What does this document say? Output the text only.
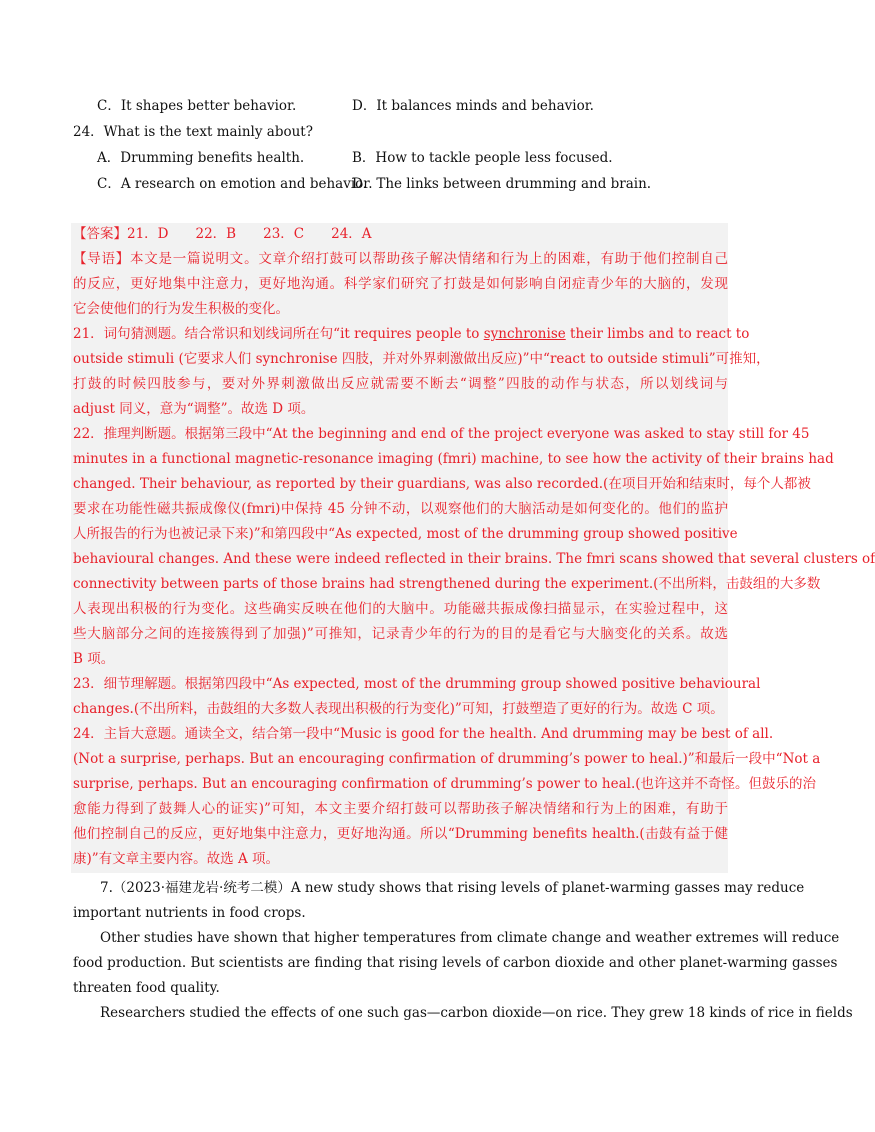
C．It shapes better behavior.	D．It balances minds and behavior.
24．What is the text mainly about?
A．Drumming benefits health.	B．How to tackle people less focused.
C．A research on emotion and behavior.
D．The links between drumming and brain.
【答案】21．D　　22．B　　23．C　　24．A
【导语】本文是一篇说明文。文章介绍打鼓可以帮助孩子解决情绪和行为上的困难，有助于他们控制自己
的反应，更好地集中注意力，更好地沟通。科学家们研究了打鼓是如何影响自闭症青少年的大脑的，发现
它会使他们的行为发生积极的变化。
21．词句猜测题。结合常识和划线词所在句“it requires people to synchronise their limbs and to react to
outside stimuli (它要求人们 synchronise 四肢，并对外界刺激做出反应)”中“react to outside stimuli”可推知，
打鼓的时候四肢参与，要对外界刺激做出反应就需要不断去“调整”四肢的动作与状态，所以划线词与
adjust 同义，意为“调整”。故选 D 项。
22．推理判断题。根据第三段中“At the beginning and end of the project everyone was asked to stay still for 45
minutes in a functional magnetic-resonance imaging (fmri) machine, to see how the activity of their brains had
changed. Their behaviour, as reported by their guardians, was also recorded.(在项目开始和结束时，每个人都被
要求在功能性磁共振成像仪(fmri)中保持 45 分钟不动，以观察他们的大脑活动是如何变化的。他们的监护
人所报告的行为也被记录下来)”和第四段中“As expected, most of the drumming group showed positive
behavioural changes. And these were indeed reflected in their brains. The fmri scans showed that several clusters of
connectivity between parts of those brains had strengthened during the experiment.(不出所料，击鼓组的大多数
人表现出积极的行为变化。这些确实反映在他们的大脑中。功能磁共振成像扫描显示，在实验过程中，这
些大脑部分之间的连接簇得到了加强)”可推知，记录青少年的行为的目的是看它与大脑变化的关系。故选
B 项。
23．细节理解题。根据第四段中“As expected, most of the drumming group showed positive behavioural
changes.(不出所料，击鼓组的大多数人表现出积极的行为变化)”可知，打鼓塑造了更好的行为。故选 C 项。
24．主旨大意题。通读全文，结合第一段中“Music is good for the health. And drumming may be best of all.
(Not a surprise, perhaps. But an encouraging confirmation of drumming’s power to heal.)”和最后一段中“Not a
surprise, perhaps. But an encouraging confirmation of drumming’s power to heal.(也许这并不奇怪。但鼓乐的治
愈能力得到了鼓舞人心的证实)”可知，本文主要介绍打鼓可以帮助孩子解决情绪和行为上的困难，有助于
他们控制自己的反应，更好地集中注意力，更好地沟通。所以“Drumming benefits health.(击鼓有益于健
康)”有文章主要内容。故选 A 项。
7.（2023·福建龙岩·统考二模）A new study shows that rising levels of planet-warming gasses may reduce
important nutrients in food crops.
Other studies have shown that higher temperatures from climate change and weather extremes will reduce
food production. But scientists are finding that rising levels of carbon dioxide and other planet-warming gasses
threaten food quality.
Researchers studied the effects of one such gas—carbon dioxide—on rice. They grew 18 kinds of rice in fields
